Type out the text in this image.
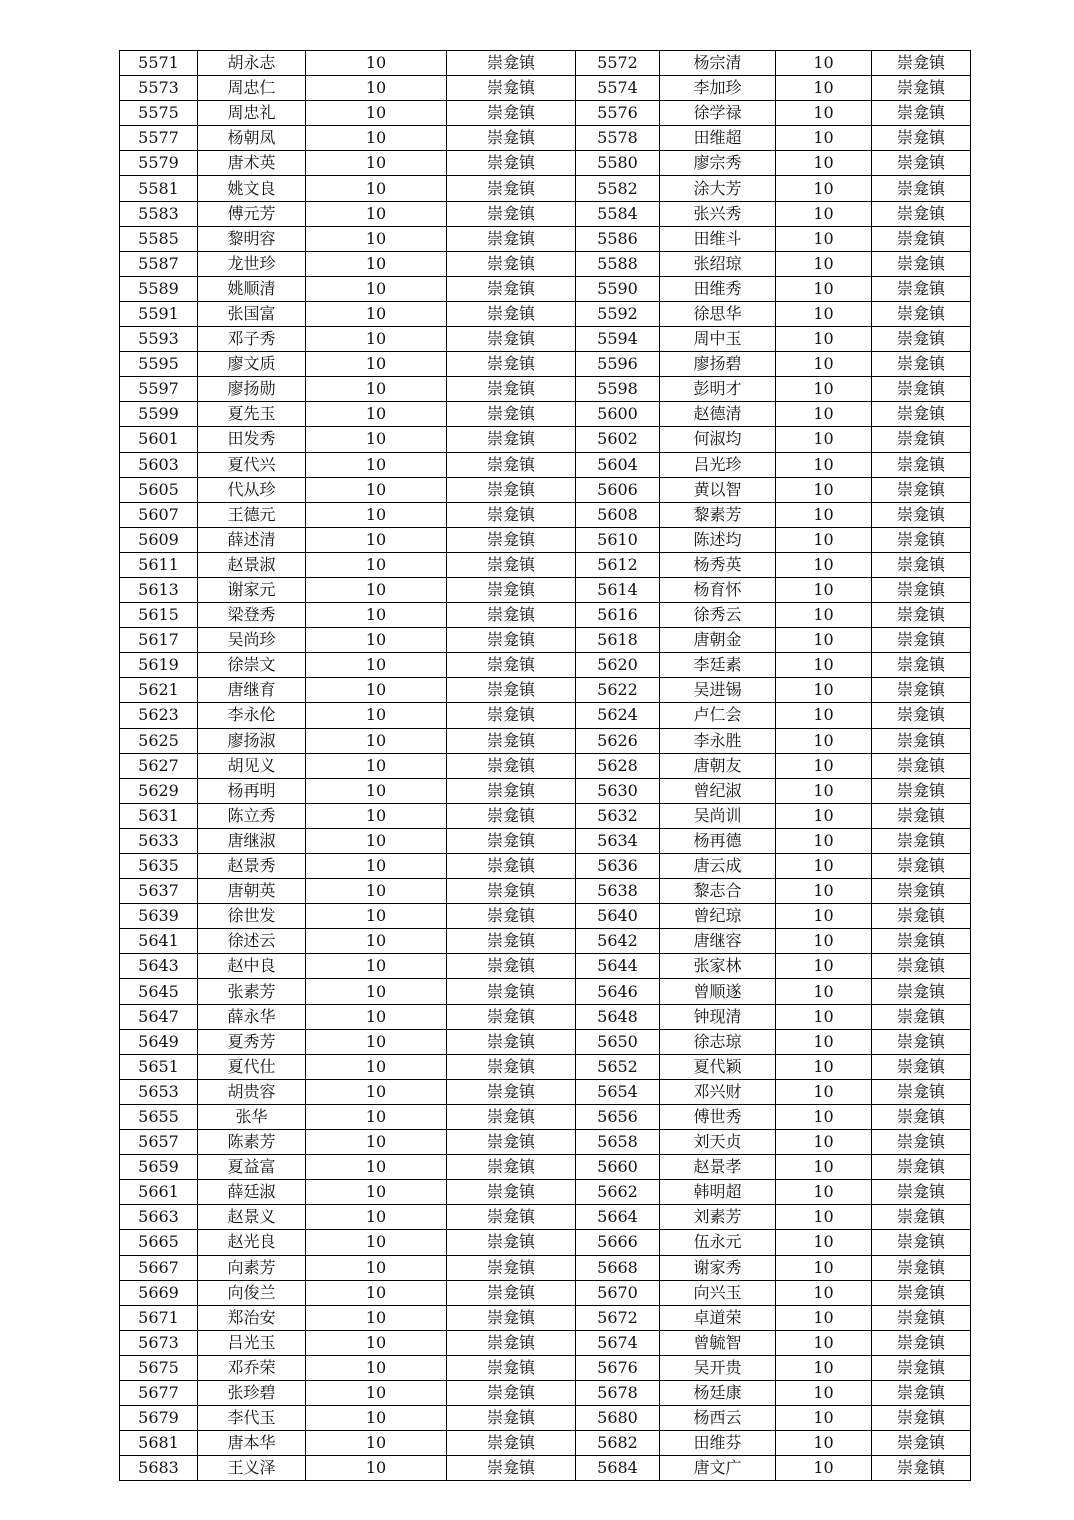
5571	胡永志	10	崇龛镇	5572	杨宗清	10	崇龛镇
5573	周忠仁	10	崇龛镇	5574	李加珍	10	崇龛镇
5575	周忠礼	10	崇龛镇	5576	徐学禄	10	崇龛镇
5577	杨朝凤	10	崇龛镇	5578	田维超	10	崇龛镇
5579	唐术英	10	崇龛镇	5580	廖宗秀	10	崇龛镇
5581	姚文良	10	崇龛镇	5582	涂大芳	10	崇龛镇
5583	傅元芳	10	崇龛镇	5584	张兴秀	10	崇龛镇
5585	黎明容	10	崇龛镇	5586	田维斗	10	崇龛镇
5587	龙世珍	10	崇龛镇	5588	张绍琼	10	崇龛镇
5589	姚顺清	10	崇龛镇	5590	田维秀	10	崇龛镇
5591	张国富	10	崇龛镇	5592	徐思华	10	崇龛镇
5593	邓子秀	10	崇龛镇	5594	周中玉	10	崇龛镇
5595	廖文质	10	崇龛镇	5596	廖扬碧	10	崇龛镇
5597	廖扬勋	10	崇龛镇	5598	彭明才	10	崇龛镇
5599	夏先玉	10	崇龛镇	5600	赵德清	10	崇龛镇
5601	田发秀	10	崇龛镇	5602	何淑均	10	崇龛镇
5603	夏代兴	10	崇龛镇	5604	吕光珍	10	崇龛镇
5605	代从珍	10	崇龛镇	5606	黄以智	10	崇龛镇
5607	王德元	10	崇龛镇	5608	黎素芳	10	崇龛镇
5609	薛述清	10	崇龛镇	5610	陈述均	10	崇龛镇
5611	赵景淑	10	崇龛镇	5612	杨秀英	10	崇龛镇
5613	谢家元	10	崇龛镇	5614	杨育怀	10	崇龛镇
5615	梁登秀	10	崇龛镇	5616	徐秀云	10	崇龛镇
5617	吴尚珍	10	崇龛镇	5618	唐朝金	10	崇龛镇
5619	徐崇文	10	崇龛镇	5620	李廷素	10	崇龛镇
5621	唐继育	10	崇龛镇	5622	吴进锡	10	崇龛镇
5623	李永伦	10	崇龛镇	5624	卢仁会	10	崇龛镇
5625	廖扬淑	10	崇龛镇	5626	李永胜	10	崇龛镇
5627	胡见义	10	崇龛镇	5628	唐朝友	10	崇龛镇
5629	杨再明	10	崇龛镇	5630	曾纪淑	10	崇龛镇
5631	陈立秀	10	崇龛镇	5632	吴尚训	10	崇龛镇
5633	唐继淑	10	崇龛镇	5634	杨再德	10	崇龛镇
5635	赵景秀	10	崇龛镇	5636	唐云成	10	崇龛镇
5637	唐朝英	10	崇龛镇	5638	黎志合	10	崇龛镇
5639	徐世发	10	崇龛镇	5640	曾纪琼	10	崇龛镇
5641	徐述云	10	崇龛镇	5642	唐继容	10	崇龛镇
5643	赵中良	10	崇龛镇	5644	张家林	10	崇龛镇
5645	张素芳	10	崇龛镇	5646	曾顺遂	10	崇龛镇
5647	薛永华	10	崇龛镇	5648	钟现清	10	崇龛镇
5649	夏秀芳	10	崇龛镇	5650	徐志琼	10	崇龛镇
5651	夏代仕	10	崇龛镇	5652	夏代颖	10	崇龛镇
5653	胡贵容	10	崇龛镇	5654	邓兴财	10	崇龛镇
5655	张华	10	崇龛镇	5656	傅世秀	10	崇龛镇
5657	陈素芳	10	崇龛镇	5658	刘天贞	10	崇龛镇
5659	夏益富	10	崇龛镇	5660	赵景孝	10	崇龛镇
5661	薛廷淑	10	崇龛镇	5662	韩明超	10	崇龛镇
5663	赵景义	10	崇龛镇	5664	刘素芳	10	崇龛镇
5665	赵光良	10	崇龛镇	5666	伍永元	10	崇龛镇
5667	向素芳	10	崇龛镇	5668	谢家秀	10	崇龛镇
5669	向俊兰	10	崇龛镇	5670	向兴玉	10	崇龛镇
5671	郑治安	10	崇龛镇	5672	卓道荣	10	崇龛镇
5673	吕光玉	10	崇龛镇	5674	曾毓智	10	崇龛镇
5675	邓乔荣	10	崇龛镇	5676	吴开贵	10	崇龛镇
5677	张珍碧	10	崇龛镇	5678	杨廷康	10	崇龛镇
5679	李代玉	10	崇龛镇	5680	杨西云	10	崇龛镇
5681	唐本华	10	崇龛镇	5682	田维芬	10	崇龛镇
5683	王义泽	10	崇龛镇	5684	唐文广	10	崇龛镇
